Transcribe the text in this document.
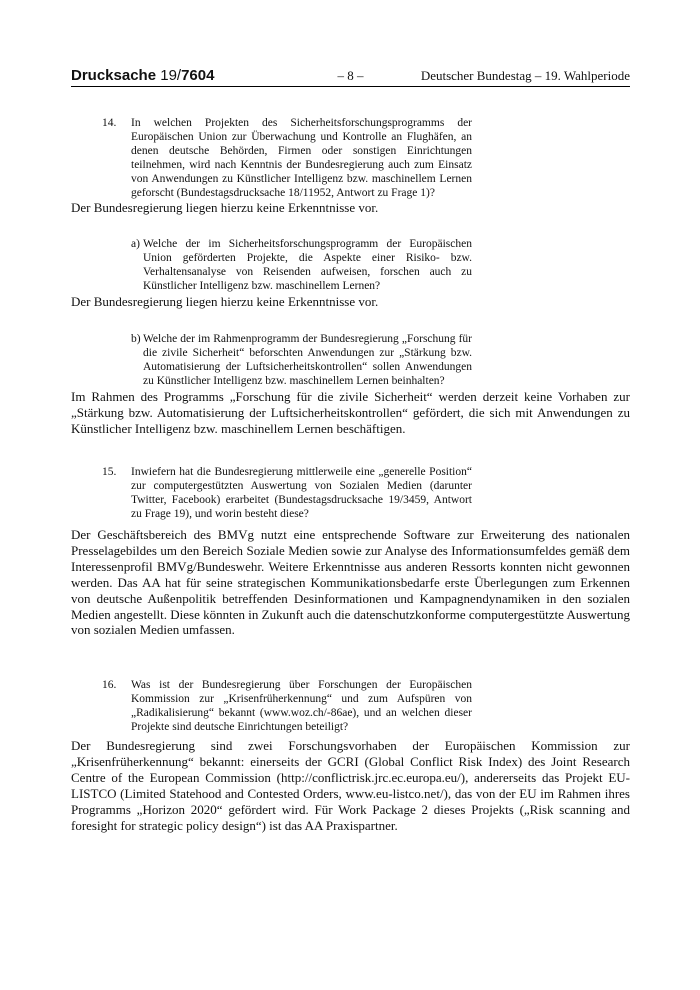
Drucksache 19/7604	– 8 –	Deutscher Bundestag – 19. Wahlperiode
14. In welchen Projekten des Sicherheitsforschungsprogramms der Europäischen Union zur Überwachung und Kontrolle an Flughäfen, an denen deutsche Behörden, Firmen oder sonstigen Einrichtungen teilnehmen, wird nach Kenntnis der Bundesregierung auch zum Einsatz von Anwendungen zu Künstlicher Intelligenz bzw. maschinellem Lernen geforscht (Bundestagsdrucksache 18/11952, Antwort zu Frage 1)?
Der Bundesregierung liegen hierzu keine Erkenntnisse vor.
a) Welche der im Sicherheitsforschungsprogramm der Europäischen Union geförderten Projekte, die Aspekte einer Risiko- bzw. Verhaltensanalyse von Reisenden aufweisen, forschen auch zu Künstlicher Intelligenz bzw. maschinellem Lernen?
Der Bundesregierung liegen hierzu keine Erkenntnisse vor.
b) Welche der im Rahmenprogramm der Bundesregierung „Forschung für die zivile Sicherheit“ beforschten Anwendungen zur „Stärkung bzw. Automatisierung der Luftsicherheitskontrollen“ sollen Anwendungen zu Künstlicher Intelligenz bzw. maschinellem Lernen beinhalten?
Im Rahmen des Programms „Forschung für die zivile Sicherheit“ werden derzeit keine Vorhaben zur „Stärkung bzw. Automatisierung der Luftsicherheitskontrollen“ gefördert, die sich mit Anwendungen zu Künstlicher Intelligenz bzw. maschinellem Lernen beschäftigen.
15. Inwiefern hat die Bundesregierung mittlerweile eine „generelle Position“ zur computergestützten Auswertung von Sozialen Medien (darunter Twitter, Facebook) erarbeitet (Bundestagsdrucksache 19/3459, Antwort zu Frage 19), und worin besteht diese?
Der Geschäftsbereich des BMVg nutzt eine entsprechende Software zur Erweiterung des nationalen Presselagebildes um den Bereich Soziale Medien sowie zur Analyse des Informationsumfeldes gemäß dem Interessenprofil BMVg/Bundeswehr. Weitere Erkenntnisse aus anderen Ressorts konnten nicht gewonnen werden. Das AA hat für seine strategischen Kommunikationsbedarfe erste Überlegungen zum Erkennen von deutsche Außenpolitik betreffenden Desinformationen und Kampagnendynamiken in den sozialen Medien angestellt. Diese könnten in Zukunft auch die datenschutzkonforme computergestützte Auswertung von sozialen Medien umfassen.
16. Was ist der Bundesregierung über Forschungen der Europäischen Kommission zur „Krisenfrüherkennung“ und zum Aufspüren von „Radikalisierung“ bekannt (www.woz.ch/-86ae), und an welchen dieser Projekte sind deutsche Einrichtungen beteiligt?
Der Bundesregierung sind zwei Forschungsvorhaben der Europäischen Kommission zur „Krisenfrüherkennung“ bekannt: einerseits der GCRI (Global Conflict Risk Index) des Joint Research Centre of the European Commission (http://conflictrisk.jrc.ec.europa.eu/), andererseits das Projekt EU-LISTCO (Limited Statehood and Contested Orders, www.eu-listco.net/), das von der EU im Rahmen ihres Programms „Horizon 2020“ gefördert wird. Für Work Package 2 dieses Projekts („Risk scanning and foresight for strategic policy design“) ist das AA Praxispartner.
